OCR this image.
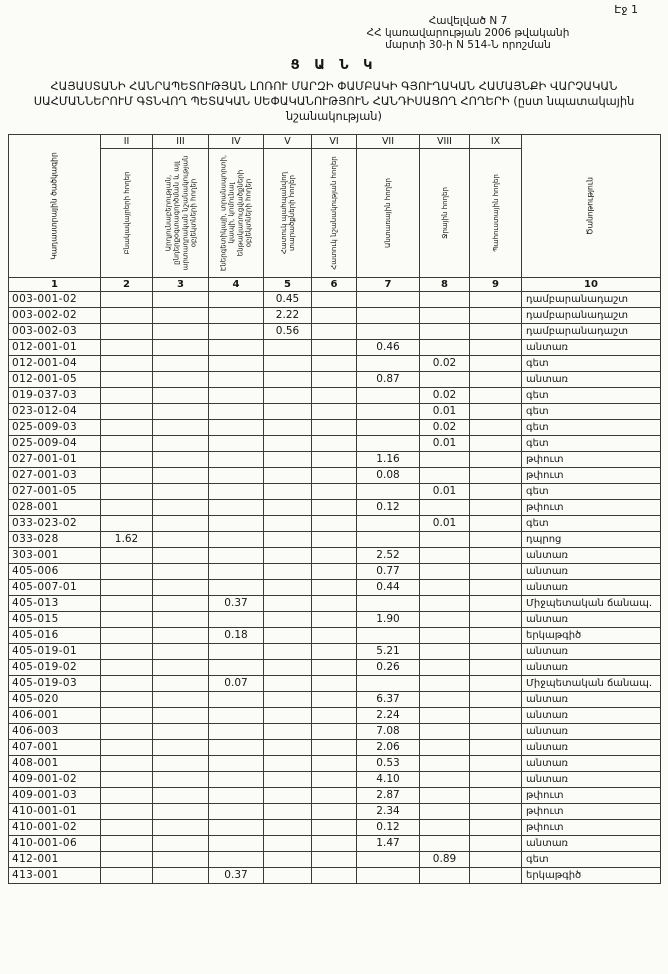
Էջ 1
Հավելված N 7
ՀՀ կառավարության 2006 թվականի
մարտի 30-ի N 514-Ն որոշման
Ց Ա Ն Կ
ՀԱՅԱՍՏԱՆԻ ՀԱՆՐԱՊԵՏՈՒԹՅԱՆ ԼՈՌՈՒ ՄԱՐԶԻ ՓԱՄԲԱԿԻ ԳՅՈՒՂԱԿԱՆ ՀԱՄԱՅՆՔԻ ՎԱՐՉԱԿԱՆ ՍԱՀՄԱՆՆԵՐՈՒՄ ԳՏՆՎՈՂ ՊԵՏԱԿԱՆ ՍԵՓԱԿԱՆՈՒԹՅՈՒՆ ՀԱՆԴԻՍԱՑՈՂ ՀՈՂԵՐԻ (ըստ նպատակային նշանակության)
Կադաստրային ծածկագիր	II	III	IV	V	VI	VII	VIII	IX	Ծանոթություն

	Բնակավայրերի հողեր	Արդյունաբերության, ընդերքօգտագործման և այլ արտադրական նշանակության օբյեկտների հողեր	Էներգետիկայի, տրանսպորտի, կապի, կոմունալ ենթակառուցվածքների օբյեկտների հողեր	Հատուկ պահպանվող տարածքների հողեր	Հատուկ նշանակության հողեր	Անտառային հողեր	Ջրային հողեր	Պահուստային հողեր	

1	2	3	4	5	6	7	8	9	10
003-001-02				0.45					դամբարանադաշտ
003-002-02				2.22					դամբարանադաշտ
003-002-03				0.56					դամբարանադաշտ
012-001-01						0.46			անտառ
012-001-04							0.02		գետ
012-001-05						0.87			անտառ
019-037-03							0.02		գետ
023-012-04							0.01		գետ
025-009-03							0.02		գետ
025-009-04							0.01		գետ
027-001-01						1.16			թփուտ
027-001-03						0.08			թփուտ
027-001-05							0.01		գետ
028-001						0.12			թփուտ
033-023-02							0.01		գետ
033-028	1.62								դպրոց
303-001						2.52			անտառ
405-006						0.77			անտառ
405-007-01						0.44			անտառ
405-013			0.37						Միջպետական ճանապ.
405-015						1.90			անտառ
405-016			0.18						երկաթգիծ
405-019-01						5.21			անտառ
405-019-02						0.26			անտառ
405-019-03			0.07						Միջպետական ճանապ.
405-020						6.37			անտառ
406-001						2.24			անտառ
406-003						7.08			անտառ
407-001						2.06			անտառ
408-001						0.53			անտառ
409-001-02						4.10			անտառ
409-001-03						2.87			թփուտ
410-001-01						2.34			թփուտ
410-001-02						0.12			թփուտ
410-001-06						1.47			անտառ
412-001							0.89		գետ
413-001			0.37						երկաթգիծ
